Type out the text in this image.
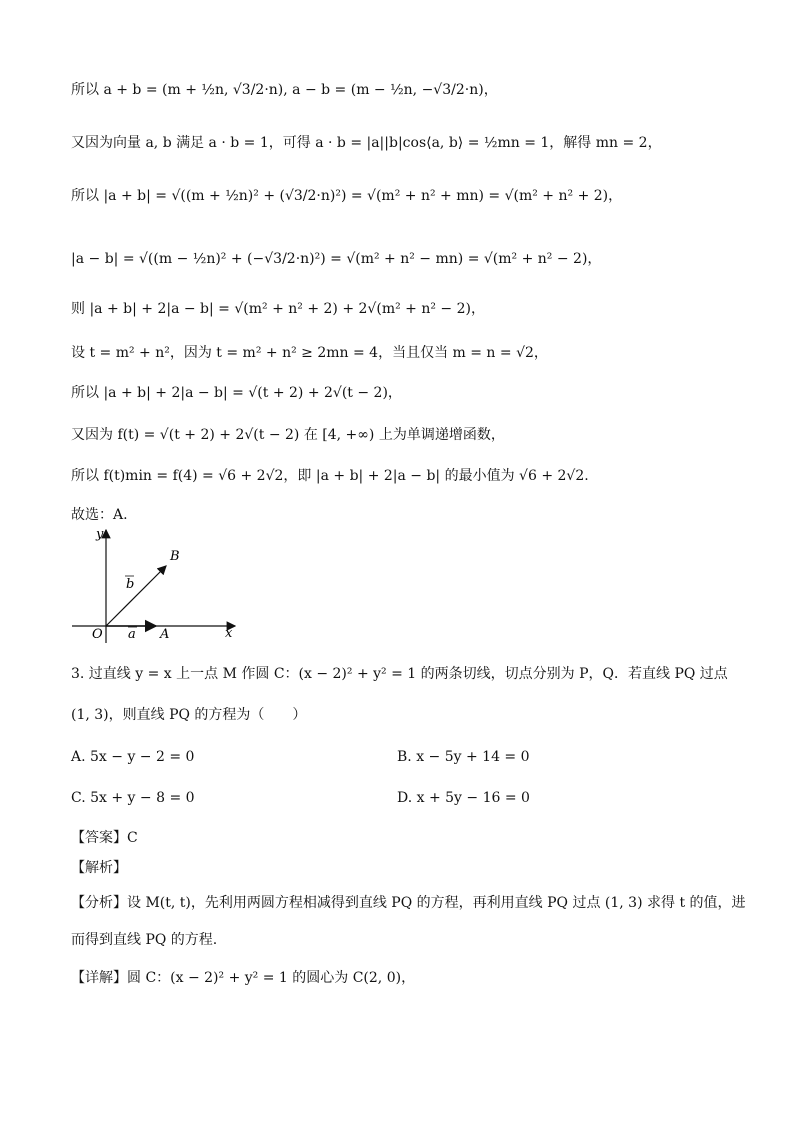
所以 a + b = (m + ½n, √3/2·n), a − b = (m − ½n, −√3/2·n)，
又因为向量 a, b 满足 a · b = 1，可得 a · b = |a||b|cos⟨a, b⟩ = ½mn = 1，解得 mn = 2，
所以 |a + b| = √((m + ½n)² + (√3/2·n)²) = √(m² + n² + mn) = √(m² + n² + 2)，
|a − b| = √((m − ½n)² + (−√3/2·n)²) = √(m² + n² − mn) = √(m² + n² − 2)，
则 |a + b| + 2|a − b| = √(m² + n² + 2) + 2√(m² + n² − 2)，
设 t = m² + n²，因为 t = m² + n² ≥ 2mn = 4，当且仅当 m = n = √2，
所以 |a + b| + 2|a − b| = √(t + 2) + 2√(t − 2)，
又因为 f(t) = √(t + 2) + 2√(t − 2) 在 [4, +∞) 上为单调递增函数，
所以 f(t)min = f(4) = √6 + 2√2，即 |a + b| + 2|a − b| 的最小值为 √6 + 2√2.
故选：A.
y
x
O	A
B
a
b
3. 过直线 y = x 上一点 M 作圆 C：(x − 2)² + y² = 1 的两条切线，切点分别为 P，Q．若直线 PQ 过点
(1, 3)，则直线 PQ 的方程为（　　）
A. 5x − y − 2 = 0	B. x − 5y + 14 = 0
C. 5x + y − 8 = 0	D. x + 5y − 16 = 0
【答案】C
【解析】
【分析】设 M(t, t)，先利用两圆方程相减得到直线 PQ 的方程，再利用直线 PQ 过点 (1, 3) 求得 t 的值，进
而得到直线 PQ 的方程.
【详解】圆 C：(x − 2)² + y² = 1 的圆心为 C(2, 0)，
